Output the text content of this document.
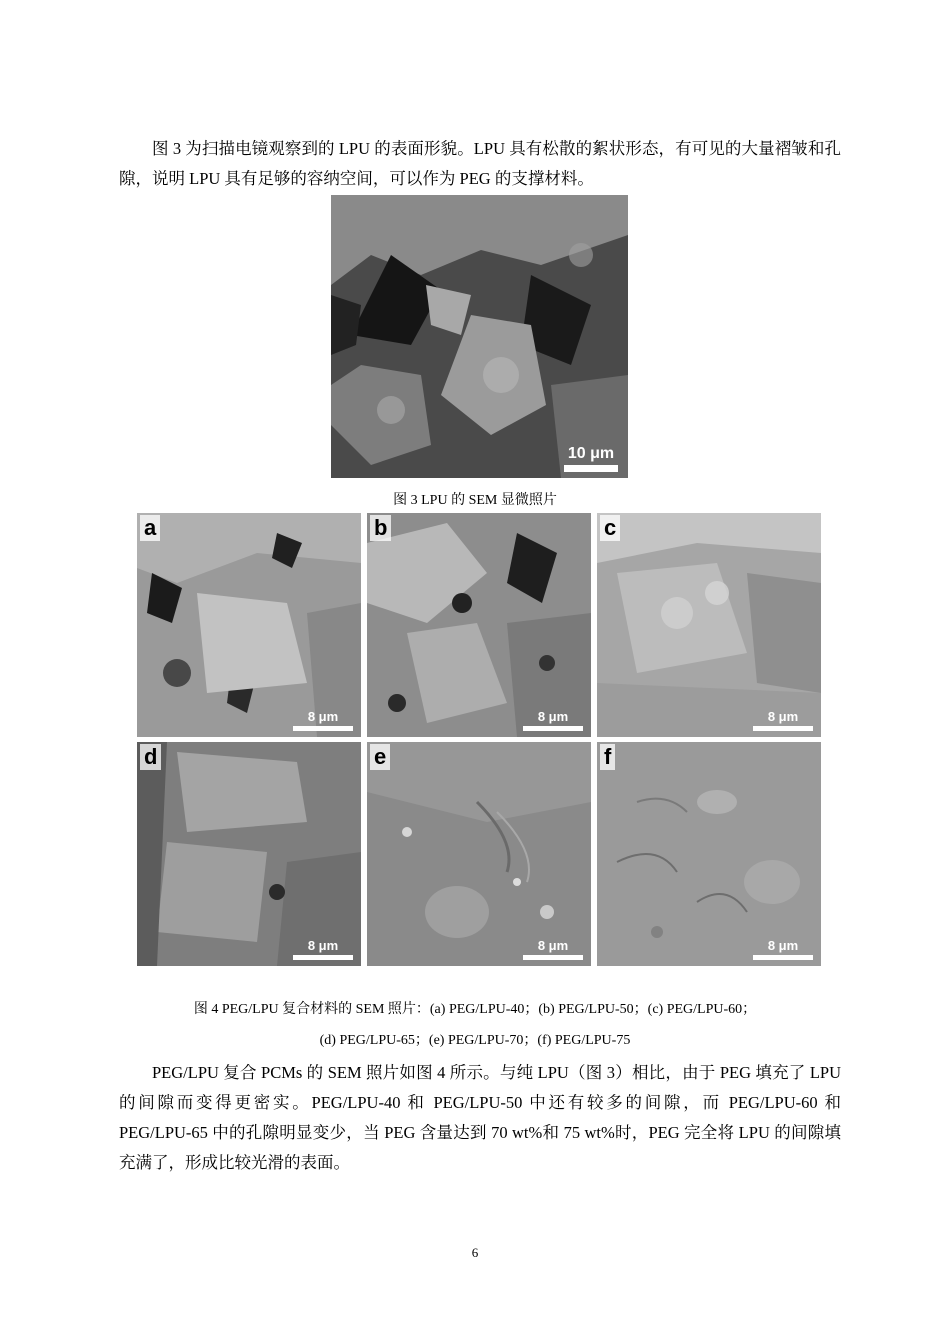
图 3 为扫描电镜观察到的 LPU 的表面形貌。LPU 具有松散的絮状形态，有可见的大量褶皱和孔隙，说明 LPU 具有足够的容纳空间，可以作为 PEG 的支撑材料。

10 μm

图 3 LPU 的 SEM 显微照片

a
8 μm
b
8 μm
c
8 μm
d
8 μm
e
8 μm
f
8 μm

图 4 PEG/LPU 复合材料的 SEM 照片：(a) PEG/LPU-40；(b) PEG/LPU-50；(c) PEG/LPU-60；

(d) PEG/LPU-65；(e) PEG/LPU-70；(f) PEG/LPU-75

PEG/LPU 复合 PCMs 的 SEM 照片如图 4 所示。与纯 LPU（图 3）相比，由于 PEG 填充了 LPU 的间隙而变得更密实。PEG/LPU-40 和 PEG/LPU-50 中还有较多的间隙，而 PEG/LPU-60 和 PEG/LPU-65 中的孔隙明显变少，当 PEG 含量达到 70 wt%和 75 wt%时，PEG 完全将 LPU 的间隙填充满了，形成比较光滑的表面。

6
